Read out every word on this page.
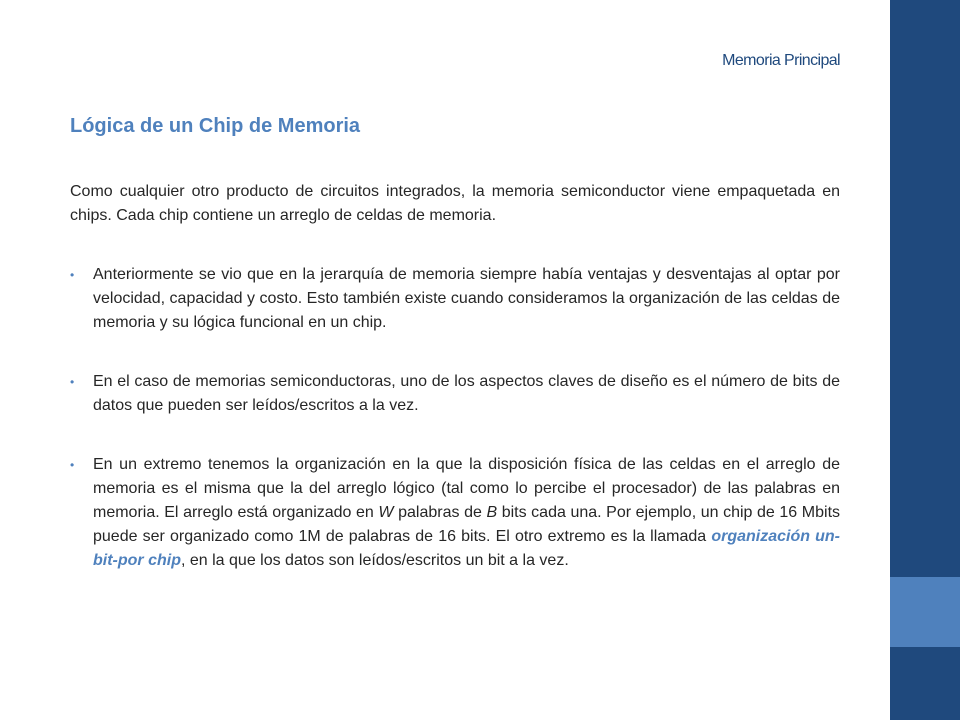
Memoria Principal
Lógica de un Chip de Memoria

Como cualquier otro producto de circuitos integrados, la memoria semiconductor viene empaquetada en chips. Cada chip contiene un arreglo de celdas de memoria.

•	Anteriormente se vio que en la jerarquía de memoria siempre había ventajas y desventajas al optar por velocidad, capacidad y costo. Esto también existe cuando consideramos la organización de las celdas de memoria y su lógica funcional en un chip.
•	En el caso de memorias semiconductoras, uno de los aspectos claves de diseño es el número de bits de datos que pueden ser leídos/escritos a la vez.
•	En un extremo tenemos la organización en la que la disposición física de las celdas en el arreglo de memoria es el misma que la del arreglo lógico (tal como lo percibe el procesador) de las palabras en memoria. El arreglo está organizado en W palabras de B bits cada una. Por ejemplo, un chip de 16 Mbits puede ser organizado como 1M de palabras de 16 bits. El otro extremo es la llamada organización un-bit-por chip, en la que los datos son leídos/escritos un bit a la vez.
